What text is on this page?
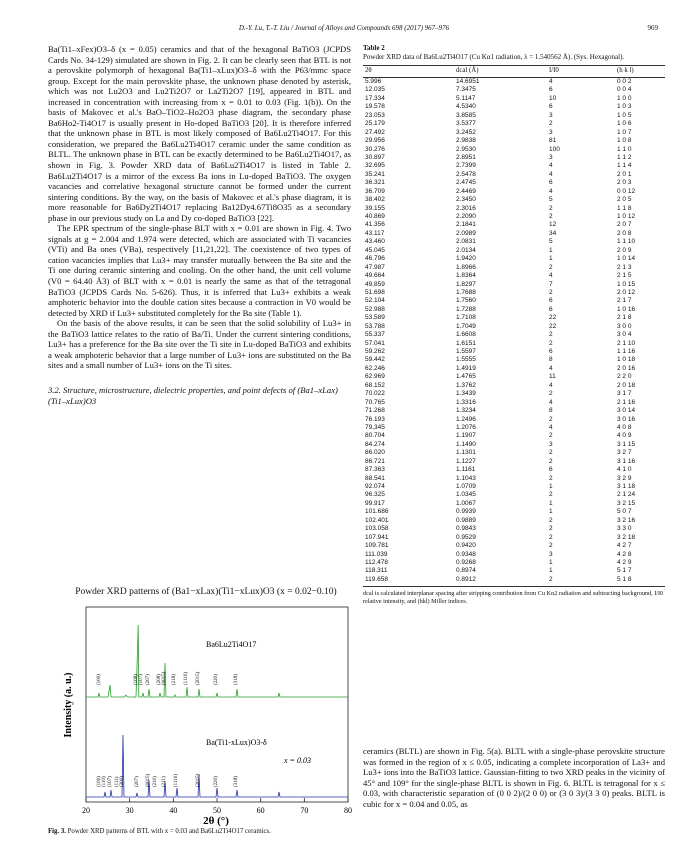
D.-Y. Lu, T.-T. Liu / Journal of Alloys and Compounds 698 (2017) 967–976	969

Ba(Ti1–xFex)O3–δ (x = 0.05) ceramics and that of the hexagonal BaTiO3 (JCPDS Cards No. 34-129) simulated are shown in Fig. 2. It can be clearly seen that BTL is not a perovskite polymorph of hexagonal Ba(Ti1–xLux)O3–δ with the P63/mmc space group. Except for the main perovskite phase, the unknown phase denoted by asterisk, which was not Lu2O3 and Lu2Ti2O7 or La2Ti2O7 [19], appeared in BTL and increased in concentration with increasing from x = 0.01 to 0.03 (Fig. 1(b)). On the basis of Makovec et al.'s BaO–TiO2–Ho2O3 phase diagram, the secondary phase Ba6Ho2-Ti4O17 is usually present in Ho-doped BaTiO3 [20]. It is therefore inferred that the unknown phase in BTL is most likely composed of Ba6Lu2Ti4O17. For this consideration, we prepared the Ba6Lu2Ti4O17 ceramic under the same condition as BLTL. The unknown phase in BTL can be exactly determined to be Ba6Lu2Ti4O17, as shown in Fig. 3. Powder XRD data of Ba6Lu2Ti4O17 is listed in Table 2. Ba6Lu2Ti4O17 is a mirror of the excess Ba ions in Lu-doped BaTiO3. The oxygen vacancies and correlative hexagonal structure cannot be formed under the current sintering conditions. By the way, on the basis of Makovec et al.'s phase diagram, it is more reasonable for Ba6Dy2Ti4O17 replacing Ba12Dy4.67Ti8O35 as a secondary phase in our previous study on La and Dy co-doped BaTiO3 [22].

The EPR spectrum of the single-phase BLT with x = 0.01 are shown in Fig. 4. Two signals at g = 2.004 and 1.974 were detected, which are associated with Ti vacancies (VTi) and Ba ones (VBa), respectively [11,21,22]. The coexistence of two types of cation vacancies implies that Lu3+ may transfer mutually between the Ba site and the Ti one during ceramic sintering and cooling. On the other hand, the unit cell volume (V0 = 64.40 Å3) of BLT with x = 0.01 is nearly the same as that of the tetragonal BaTiO3 (JCPDS Cards No. 5-626). Thus, it is inferred that Lu3+ exhibits a weak amphoteric behavior into the double cation sites because a contraction in V0 would be detected by XRD if Lu3+ substituted completely for the Ba site (Table 1).

On the basis of the above results, it can be seen that the solid solubility of Lu3+ in the BaTiO3 lattice relates to the ratio of Ba/Ti. Under the current sintering conditions, Lu3+ has a preference for the Ba site over the Ti site in Lu-doped BaTiO3 and exhibits a weak amphoteric behavior that a large number of Lu3+ ions are substituted on the Ba sites and a small number of Lu3+ ions on the Ti sites.

3.2. Structure, microstructure, dielectric properties, and point defects of (Ba1–xLax)(Ti1–xLux)O3

Powder XRD patterns of (Ba1−xLax)(Ti1−xLux)O3 (x = 0.02−0.10)
Intensity (a. u.)
2θ (°)
Ba6Lu2Ti4O17
Ba(Ti1-xLux)O3-δ
x = 0.03
20	30	40	50	60	70	80
(100)	(108) (107) (207) (208) (0015) (218) (1110) (2015)	(220)	(318)
(100) (110) (107) (111) (200) (207) (0015) (210) (211) (1110)	(2015)	(220)	(318)
Fig. 3. Powder XRD patterns of BTL with x = 0.03 and Ba6Lu2Ti4O17 ceramics.

Table 2

Powder XRD data of Ba6Lu2Ti4O17 (Cu Kα1 radiation, λ = 1.540562 Å). (Sys. Hexagonal).

2θ	dcal (Å)	I/I0	(h k l)
5.996	14.6951	4	0 0 2
12.035	7.3475	6	0 0 4
17.334	5.1147	10	1 0 0
19.578	4.5340	6	1 0 3
23.053	3.8585	3	1 0 5
25.179	3.5377	2	1 0 6
27.492	3.2452	3	1 0 7
29.956	2.9838	81	1 0 8
30.276	2.9530	100	1 1 0
30.897	2.8951	3	1 1 2
32.695	2.7399	4	1 1 4
35.241	2.5478	4	2 0 1
36.321	2.4745	6	2 0 3
36.709	2.4469	4	0 0 12
38.402	2.3450	5	2 0 5
39.155	2.3016	2	1 1 8
40.869	2.2090	2	1 0 12
41.356	2.1841	12	2 0 7
43.117	2.0989	34	2 0 8
43.460	2.0831	5	1 1 10
45.045	2.0134	1	2 0 9
46.796	1.9420	1	1 0 14
47.987	1.8966	2	2 1 3
49.664	1.8364	4	2 1 5
49.859	1.8297	7	1 0 15
51.698	1.7688	2	2 0 12
52.104	1.7560	6	2 1 7
52.988	1.7288	6	1 0 16
53.589	1.7108	22	2 1 8
53.788	1.7049	22	3 0 0
55.337	1.6608	2	3 0 4
57.041	1.6151	2	2 1 10
59.262	1.5597	6	1 1 16
59.442	1.5555	8	1 0 18
62.246	1.4919	4	2 0 16
62.969	1.4765	11	2 2 0
68.152	1.3762	4	2 0 18
70.022	1.3439	2	3 1 7
70.765	1.3316	4	2 1 16
71.268	1.3234	8	3 0 14
76.193	1.2496	2	3 0 16
79.345	1.2076	4	4 0 8
80.704	1.1907	2	4 0 9
84.274	1.1490	3	3 1 15
86.020	1.1301	2	3 2 7
86.721	1.1227	2	3 1 16
87.363	1.1161	6	4 1 0
88.541	1.1043	2	3 2 9
92.074	1.0709	1	3 1 18
96.325	1.0345	2	2 1 24
99.917	1.0067	1	3 2 15
101.686	0.9939	1	5 0 7
102.401	0.9889	2	3 2 16
103.058	0.9843	2	3 3 0
107.941	0.9529	2	3 2 18
109.781	0.9420	2	4 2 7
111.039	0.9348	3	4 2 8
112.478	0.9268	1	4 2 9
118.311	0.8974	1	5 1 7
119.658	0.8912	2	5 1 8

dcal is calculated interplanar spacing after stripping contribution from Cu Kα2 radiation and subtracting background, I/I0 relative intensity, and (hkl) Miller indices.

ceramics (BLTL) are shown in Fig. 5(a). BLTL with a single-phase perovskite structure was formed in the region of x ≤ 0.05, indicating a complete incorporation of La3+ and Lu3+ ions into the BaTiO3 lattice. Gaussian-fitting to two XRD peaks in the vicinity of 45° and 109° for the single-phase BLTL is shown in Fig. 6. BLTL is tetragonal for x ≤ 0.03, with characteristic separation of (0 0 2)/(2 0 0) or (3 0 3)/(3 3 0) peaks. BLTL is cubic for x = 0.04 and 0.05, as
